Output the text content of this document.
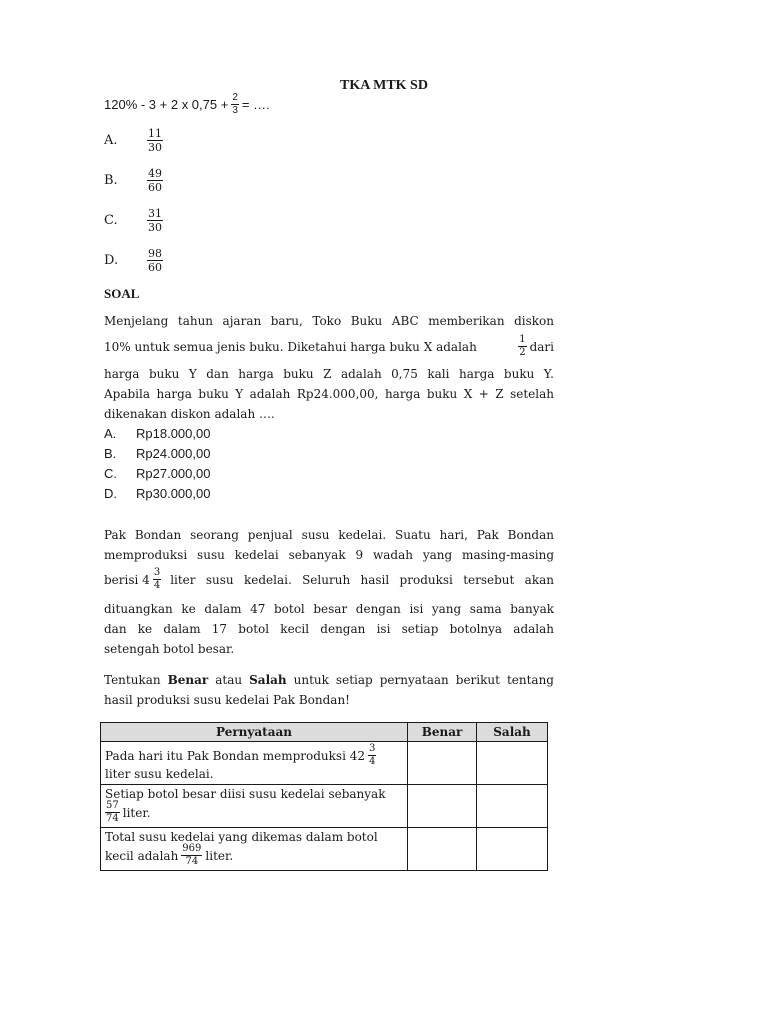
TKA MTK SD
120% - 3 + 2 x $0,75 + \frac{2}{3}$ = ….
A.	$\frac{11}{30}$
B.	$\frac{49}{60}$
C.	$\frac{31}{30}$
D.	$\frac{98}{60}$
SOAL
Menjelang tahun ajaran baru, Toko Buku ABC memberikan diskon
10% untuk semua jenis buku. Diketahui harga buku X adalah	$\frac{1}{2}$ dari
harga buku Y dan harga buku Z adalah 0,75 kali harga buku Y.
Apabila harga buku Y adalah Rp24.000,00, harga buku X + Z setelah
dikenakan diskon adalah ….
A. Rp18.000,00
B. Rp24.000,00
C. Rp27.000,00
D. Rp30.000,00
Pak Bondan seorang penjual susu kedelai. Suatu hari, Pak Bondan
memproduksi susu kedelai sebanyak 9 wadah yang masing-masing
berisi $4 \frac{3}{4}$ liter susu kedelai. Seluruh hasil produksi tersebut akan
dituangkan ke dalam 47 botol besar dengan isi yang sama banyak
dan ke dalam 17 botol kecil dengan isi setiap botolnya adalah
setengah botol besar.
Tentukan Benar atau Salah untuk setiap pernyataan berikut tentang
hasil produksi susu kedelai Pak Bondan!
Pernyataan	Benar	Salah

Pada hari itu Pak Bondan memproduksi $42 \frac{3}{4}$
liter susu kedelai.		

Setiap botol besar diisi susu kedelai sebanyak
$\frac{57}{74}$ liter.		

Total susu kedelai yang dikemas dalam botol
kecil adalah $\frac{969}{74}$ liter.		
